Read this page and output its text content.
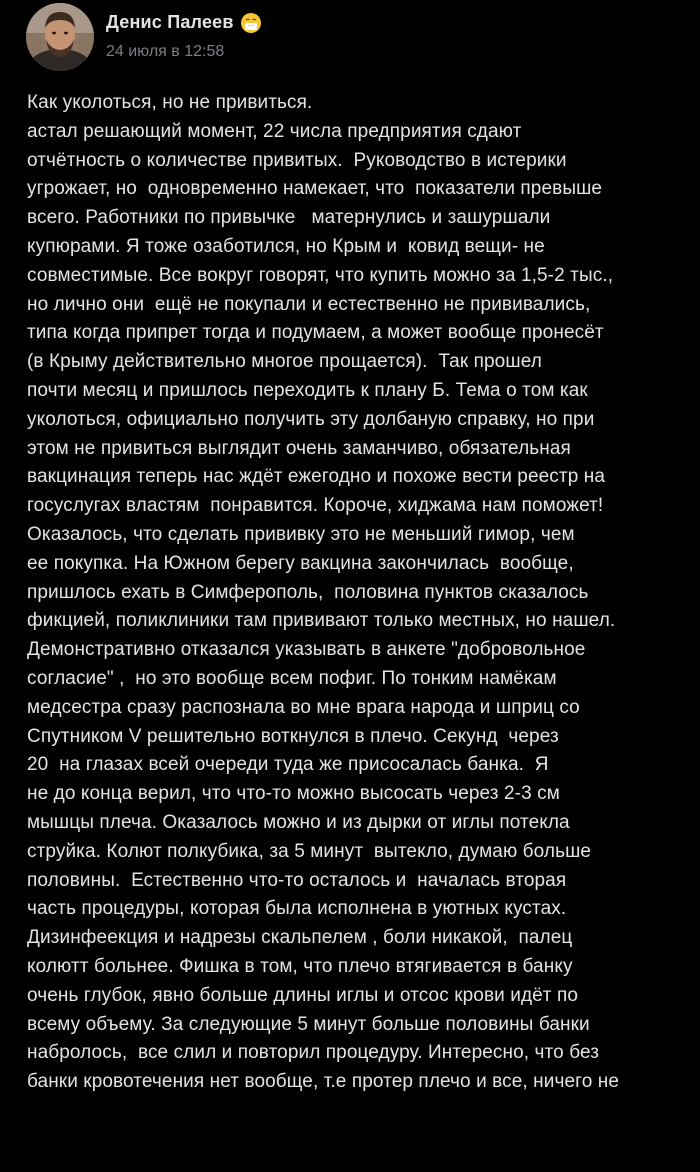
Денис Палеев
24 июля в 12:58
Как уколоться, но не привиться.
астал решающий момент, 22 числа предприятия сдают
отчётность о количестве привитых.  Руководство в истерики
угрожает, но  одновременно намекает, что  показатели превыше
всего. Работники по привычке   матернулись и зашуршали
купюрами. Я тоже озаботился, но Крым и  ковид вещи- не
совместимые. Все вокруг говорят, что купить можно за 1,5-2 тыс.,
но лично они  ещё не покупали и естественно не прививались,
типа когда припрет тогда и подумаем, а может вообще пронесёт
(в Крыму действительно многое прощается).  Так прошел
почти месяц и пришлось переходить к плану Б. Тема о том как
уколоться, официально получить эту долбаную справку, но при
этом не привиться выглядит очень заманчиво, обязательная
вакцинация теперь нас ждёт ежегодно и похоже вести реестр на
госуслугах властям  понравится. Короче, хиджама нам поможет!
Оказалось, что сделать прививку это не меньший гимор, чем
ее покупка. На Южном берегу вакцина закончилась  вообще,
пришлось ехать в Симферополь,  половина пунктов сказалось
фикцией, поликлиники там прививают только местных, но нашел.
Демонстративно отказался указывать в анкете "добровольное
согласие" ,  но это вообще всем пофиг. По тонким намёкам
медсестра сразу распознала во мне врага народа и шприц со
Спутником V решительно воткнулся в плечо. Секунд  через
20  на глазах всей очереди туда же присосалась банка.  Я
не до конца верил, что что-то можно высосать через 2-3 см
мышцы плеча. Оказалось можно и из дырки от иглы потекла
струйка. Колют полкубика, за 5 минут  вытекло, думаю больше
половины.  Естественно что-то осталось и  началась вторая
часть процедуры, которая была исполнена в уютных кустах.
Дизинфеекция и надрезы скальпелем , боли никакой,  палец
колютт больнее. Фишка в том, что плечо втягивается в банку
очень глубок, явно больше длины иглы и отсос крови идёт по
всему объему. За следующие 5 минут больше половины банки
набролось,  все слил и повторил процедуру. Интересно, что без
банки кровотечения нет вообще, т.е протер плечо и все, ничего не
